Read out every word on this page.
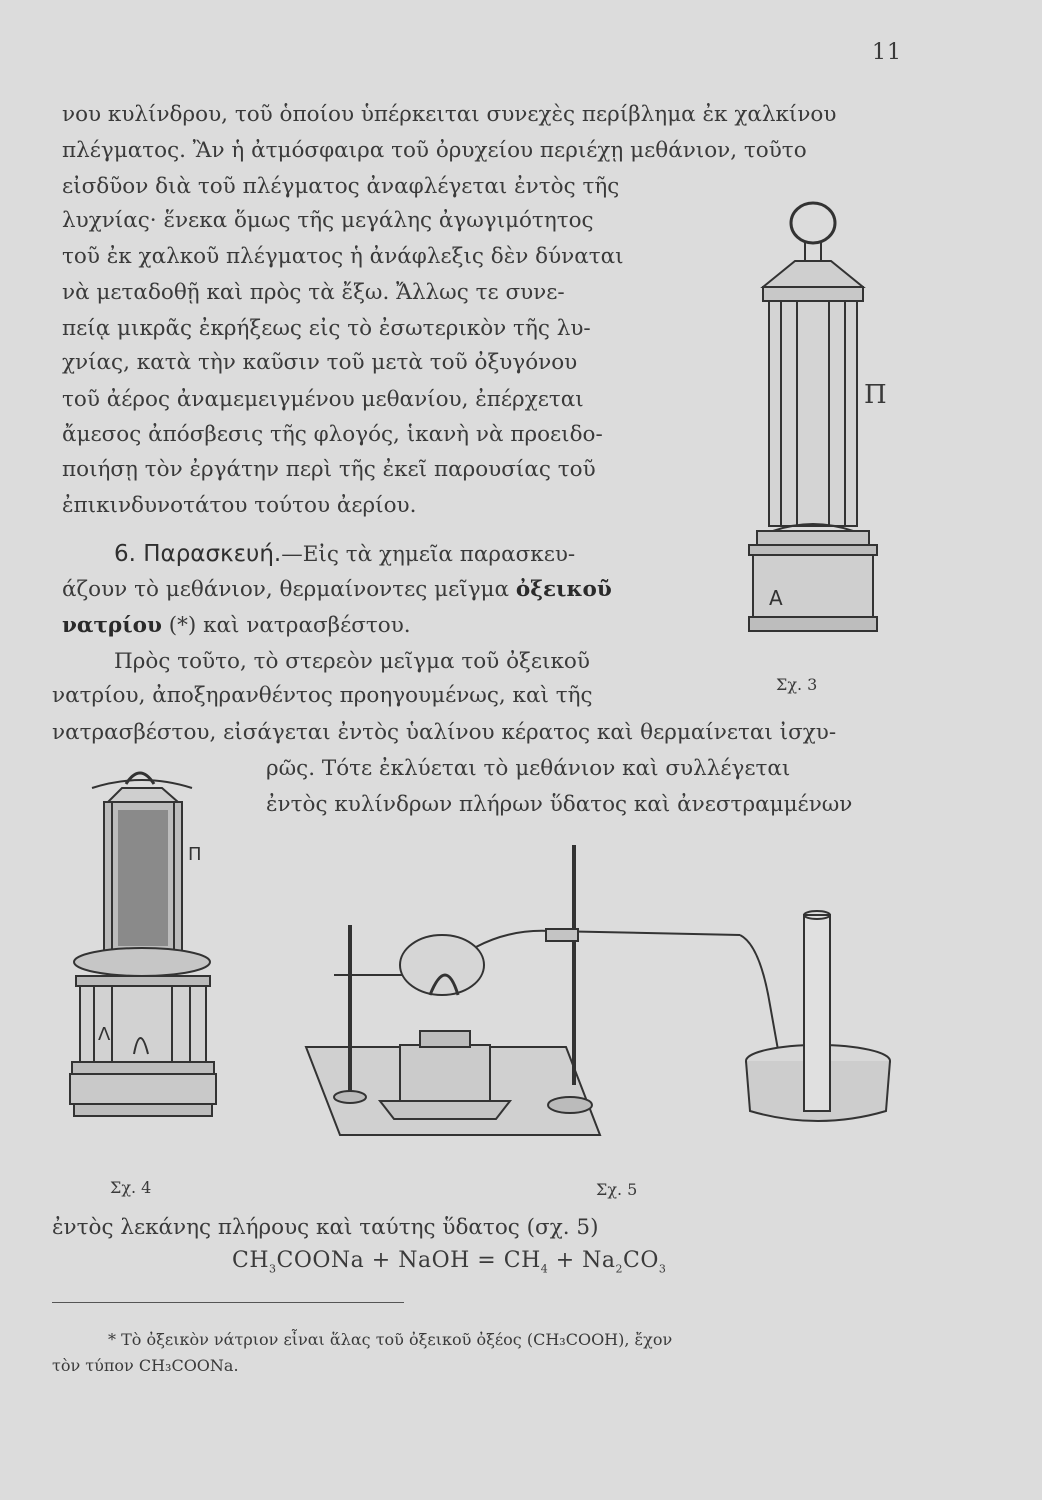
11
νου κυλίνδρου, τοῦ ὁποίου ὑπέρκειται συνεχὲς περίβλημα ἐκ χαλκίνου
πλέγματος. Ἂν ἡ ἀτμόσφαιρα τοῦ ὀρυχείου περιέχῃ μεθάνιον, τοῦτο
εἰσδῦον διὰ τοῦ πλέγματος ἀναφλέγεται ἐντὸς τῆς
λυχνίας· ἕνεκα ὅμως τῆς μεγάλης ἀγωγιμότητος
τοῦ ἐκ χαλκοῦ πλέγματος ἡ ἀνάφλεξις δὲν δύναται
νὰ μεταδοθῇ καὶ πρὸς τὰ ἔξω. Ἄλλως τε συνε-
πείᾳ μικρᾶς ἐκρήξεως εἰς τὸ ἐσωτερικὸν τῆς λυ-
χνίας, κατὰ τὴν καῦσιν τοῦ μετὰ τοῦ ὀξυγόνου
τοῦ ἀέρος ἀναμεμειγμένου μεθανίου, ἐπέρχεται
ἄμεσος ἀπόσβεσις τῆς φλογός, ἱκανὴ νὰ προειδο-
ποιήσῃ τὸν ἐργάτην περὶ τῆς ἐκεῖ παρουσίας τοῦ
ἐπικινδυνοτάτου τούτου ἀερίου.
6. Παρασκευή.—Εἰς τὰ χημεῖα παρασκευ-
άζουν τὸ μεθάνιον, θερμαίνοντες μεῖγμα ὀξεικοῦ
νατρίου (*) καὶ νατρασβέστου.
Πρὸς τοῦτο, τὸ στερεὸν μεῖγμα τοῦ ὀξεικοῦ
νατρίου, ἀποξηρανθέντος προηγουμένως, καὶ τῆς
νατρασβέστου, εἰσάγεται ἐντὸς ὑαλίνου κέρατος καὶ θερμαίνεται ἰσχυ-
ρῶς. Τότε ἐκλύεται τὸ μεθάνιον καὶ συλλέγεται
ἐντὸς κυλίνδρων πλήρων ὕδατος καὶ ἀνεστραμμένων
Α
Π
Σχ. 3
Λ
Π
Σχ. 4	Σχ. 5
ἐντὸς λεκάνης πλήρους καὶ ταύτης ὕδατος (σχ. 5)
$CH_3COONa$ + NaOH = $CH_4 + Na_2CO_3$
* Τὸ ὀξεικὸν νάτριον εἶναι ἅλας τοῦ ὀξεικοῦ ὀξέος (CH₃COOH), ἔχον
τὸν τύπον CH₃COONa.
